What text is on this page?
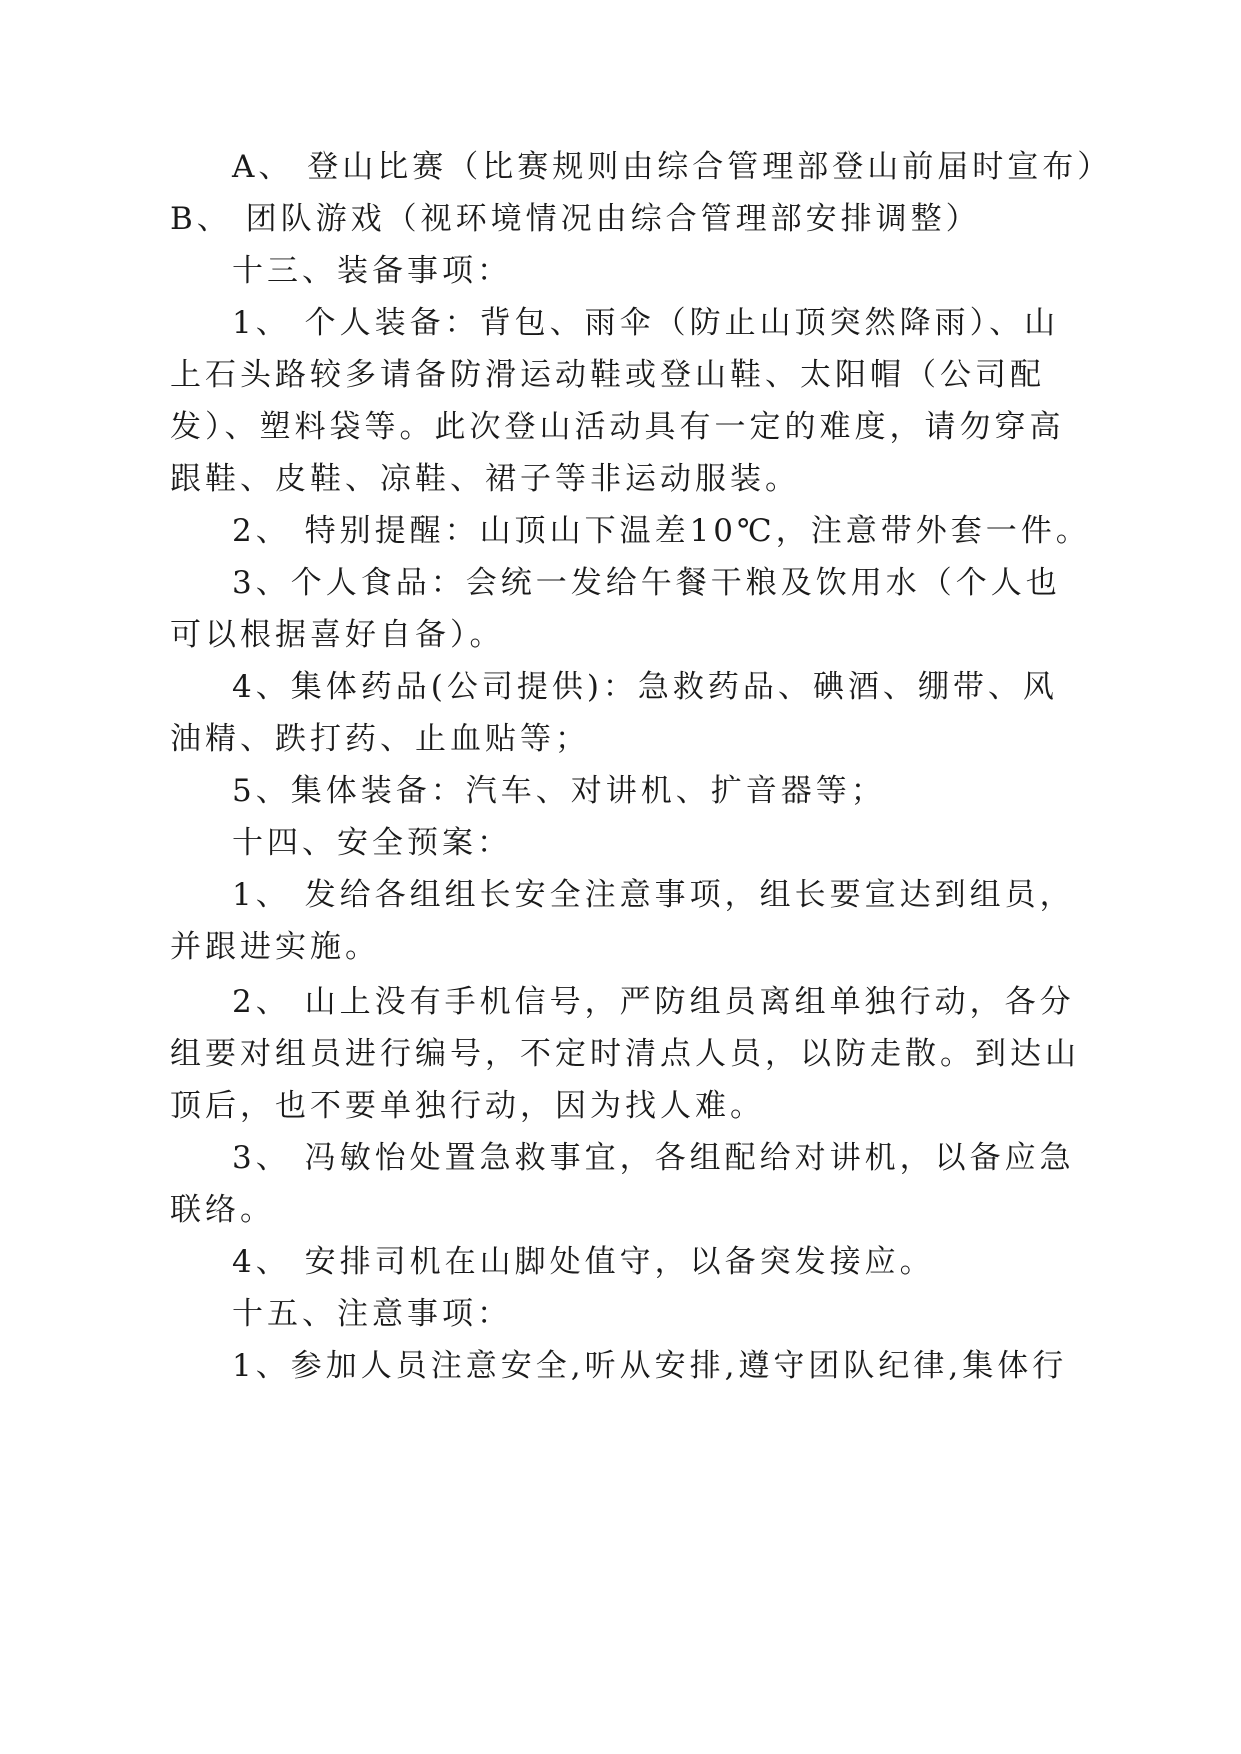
A、 登山比赛（比赛规则由综合管理部登山前届时宣布）
B、 团队游戏（视环境情况由综合管理部安排调整）
十三、装备事项：
1、 个人装备：背包、雨伞（防止山顶突然降雨）、山
上石头路较多请备防滑运动鞋或登山鞋、太阳帽（公司配
发）、塑料袋等。此次登山活动具有一定的难度，请勿穿高
跟鞋、皮鞋、凉鞋、裙子等非运动服装。
2、 特别提醒：山顶山下温差10℃，注意带外套一件。
3、个人食品：会统一发给午餐干粮及饮用水（个人也
可以根据喜好自备）。
4、集体药品(公司提供)：急救药品、碘酒、绷带、风
油精、跌打药、止血贴等；
5、集体装备：汽车、对讲机、扩音器等；
十四、安全预案：
1、 发给各组组长安全注意事项，组长要宣达到组员，
并跟进实施。
2、 山上没有手机信号，严防组员离组单独行动，各分
组要对组员进行编号，不定时清点人员，以防走散。到达山
顶后，也不要单独行动，因为找人难。
3、 冯敏怡处置急救事宜，各组配给对讲机，以备应急
联络。
4、 安排司机在山脚处值守，以备突发接应。
十五、注意事项：
1、参加人员注意安全,听从安排,遵守团队纪律,集体行
